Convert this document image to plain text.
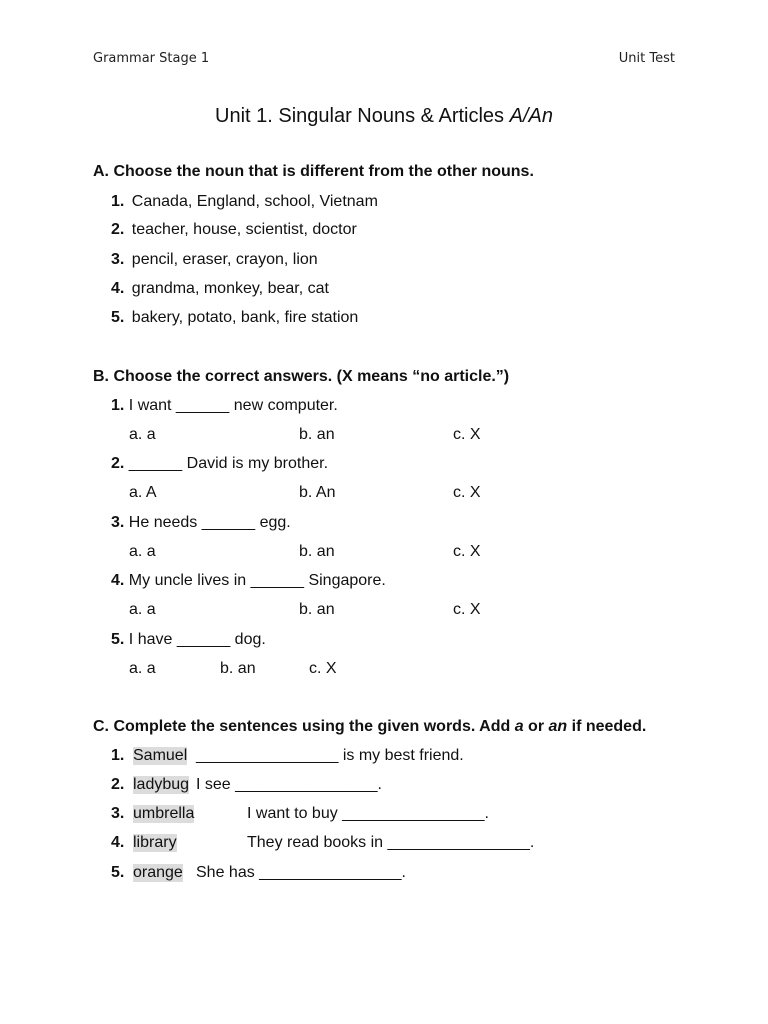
Grammar Stage 1	Unit Test
Unit 1. Singular Nouns & Articles A/An
A. Choose the noun that is different from the other nouns.
1. Canada, England, school, Vietnam
2. teacher, house, scientist, doctor
3. pencil, eraser, crayon, lion
4. grandma, monkey, bear, cat
5. bakery, potato, bank, fire station
B. Choose the correct answers. (X means “no article.”)
1. I want ______ new computer.
a. a	b. an	c. X
2. ______ David is my brother.
a. A	b. An	c. X
3. He needs ______ egg.
a. a	b. an	c. X
4. My uncle lives in ______ Singapore.
a. a	b. an	c. X
5. I have ______ dog.
a. a	b. an	c. X
C. Complete the sentences using the given words. Add a or an if needed.
1. Samuel ________________ is my best friend.
2. ladybug I see ________________.
3. umbrella	I want to buy ________________.
4. library	They read books in ________________.
5. orange She has ________________.
